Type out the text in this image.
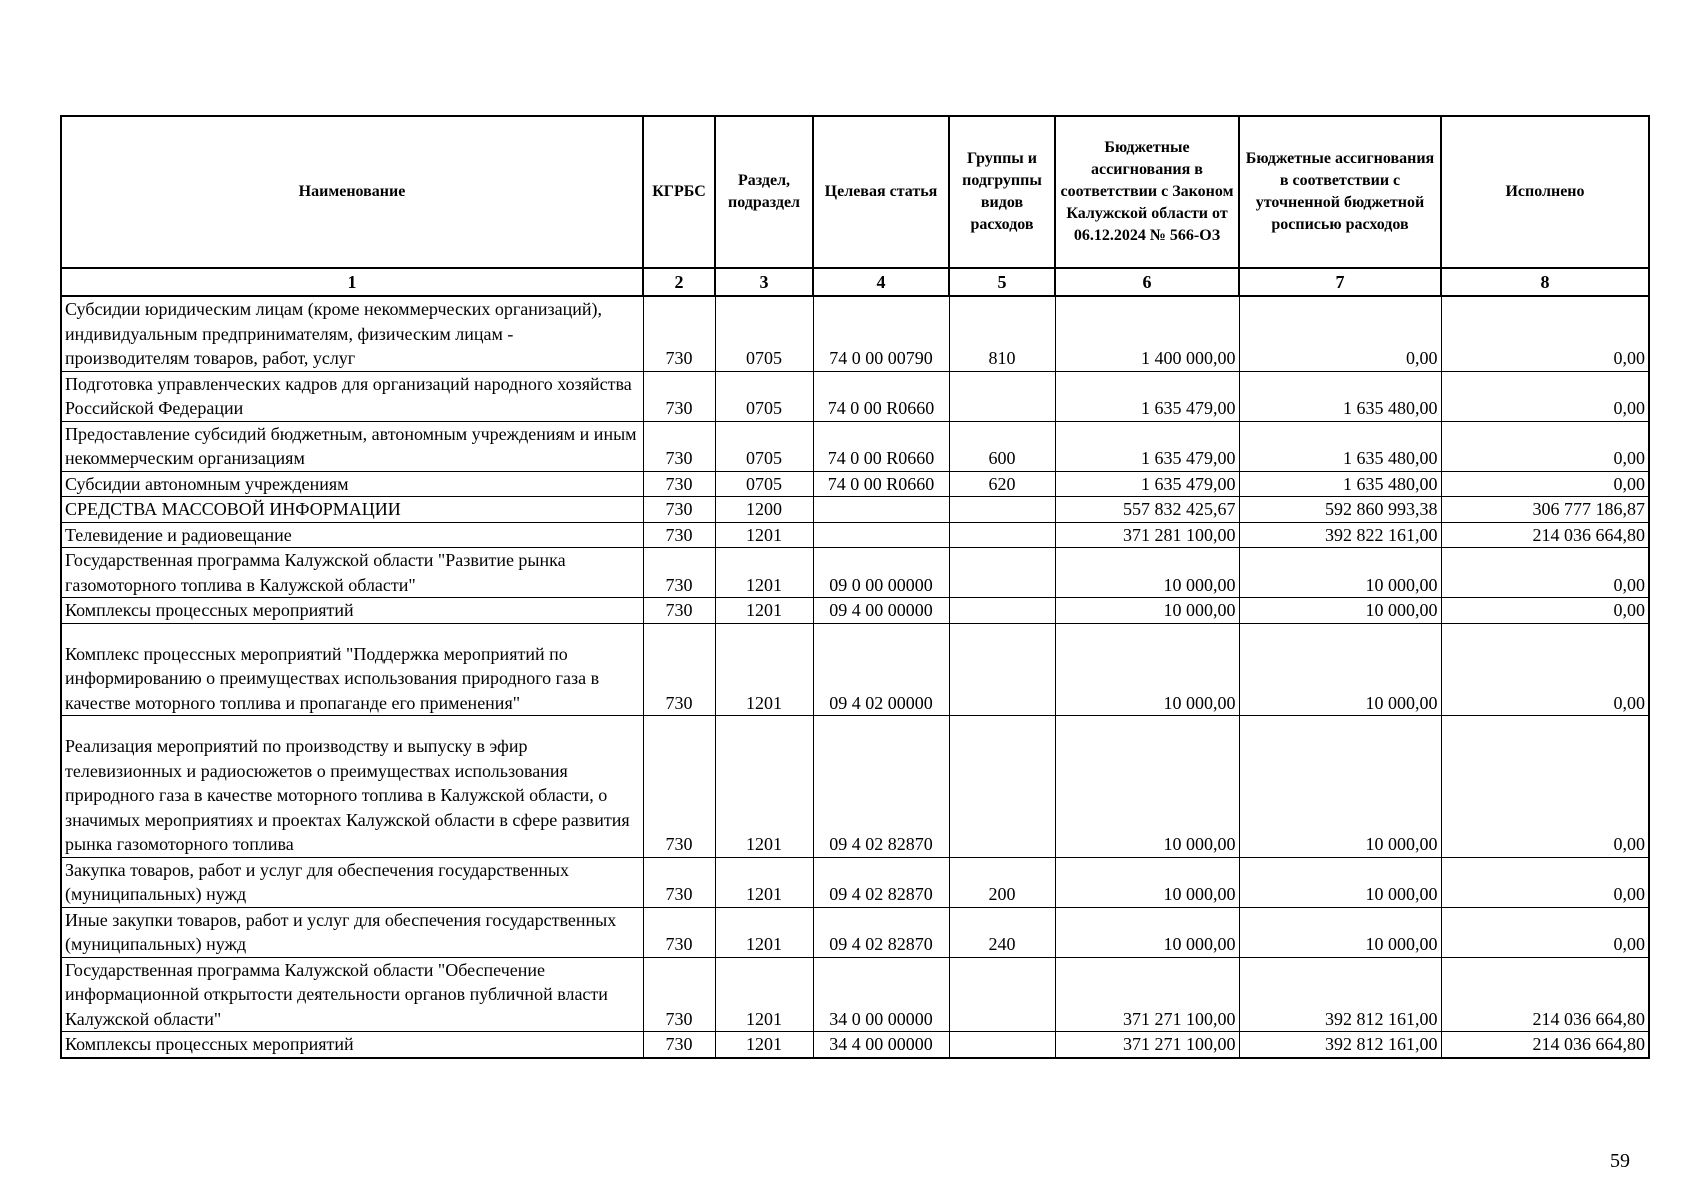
Наименование	КГРБС	Раздел, подраздел	Целевая статья	Группы и подгруппы видов расходов	Бюджетные ассигнования в соответствии с Законом Калужской области от 06.12.2024 № 566-ОЗ	Бюджетные ассигнования в соответствии с уточненной бюджетной росписью расходов	Исполнено
1	2	3	4	5	6	7	8
Субсидии юридическим лицам (кроме некоммерческих организаций), индивидуальным предпринимателям, физическим лицам - производителям товаров, работ, услуг	730	0705	74 0 00 00790	810	1 400 000,00	0,00	0,00
Подготовка управленческих кадров для организаций народного хозяйства Российской Федерации	730	0705	74 0 00 R0660		1 635 479,00	1 635 480,00	0,00
Предоставление субсидий бюджетным, автономным учреждениям и иным некоммерческим организациям	730	0705	74 0 00 R0660	600	1 635 479,00	1 635 480,00	0,00
Субсидии автономным учреждениям	730	0705	74 0 00 R0660	620	1 635 479,00	1 635 480,00	0,00
СРЕДСТВА МАССОВОЙ ИНФОРМАЦИИ	730	1200			557 832 425,67	592 860 993,38	306 777 186,87
Телевидение и радиовещание	730	1201			371 281 100,00	392 822 161,00	214 036 664,80
Государственная программа Калужской области "Развитие рынка газомоторного топлива в Калужской области"	730	1201	09 0 00 00000		10 000,00	10 000,00	0,00
Комплексы процессных мероприятий	730	1201	09 4 00 00000		10 000,00	10 000,00	0,00
Комплекс процессных мероприятий "Поддержка мероприятий по информированию о преимуществах использования природного газа в качестве моторного топлива и пропаганде его применения"	730	1201	09 4 02 00000		10 000,00	10 000,00	0,00
Реализация мероприятий по производству и выпуску в эфир телевизионных и радиосюжетов о преимуществах использования природного газа в качестве моторного топлива в Калужской области, о значимых мероприятиях и проектах Калужской области в сфере развития рынка газомоторного топлива	730	1201	09 4 02 82870		10 000,00	10 000,00	0,00
Закупка товаров, работ и услуг для обеспечения государственных (муниципальных) нужд	730	1201	09 4 02 82870	200	10 000,00	10 000,00	0,00
Иные закупки товаров, работ и услуг для обеспечения государственных (муниципальных) нужд	730	1201	09 4 02 82870	240	10 000,00	10 000,00	0,00
Государственная программа Калужской области "Обеспечение информационной открытости деятельности органов публичной власти Калужской области"	730	1201	34 0 00 00000		371 271 100,00	392 812 161,00	214 036 664,80
Комплексы процессных мероприятий	730	1201	34 4 00 00000		371 271 100,00	392 812 161,00	214 036 664,80
59
